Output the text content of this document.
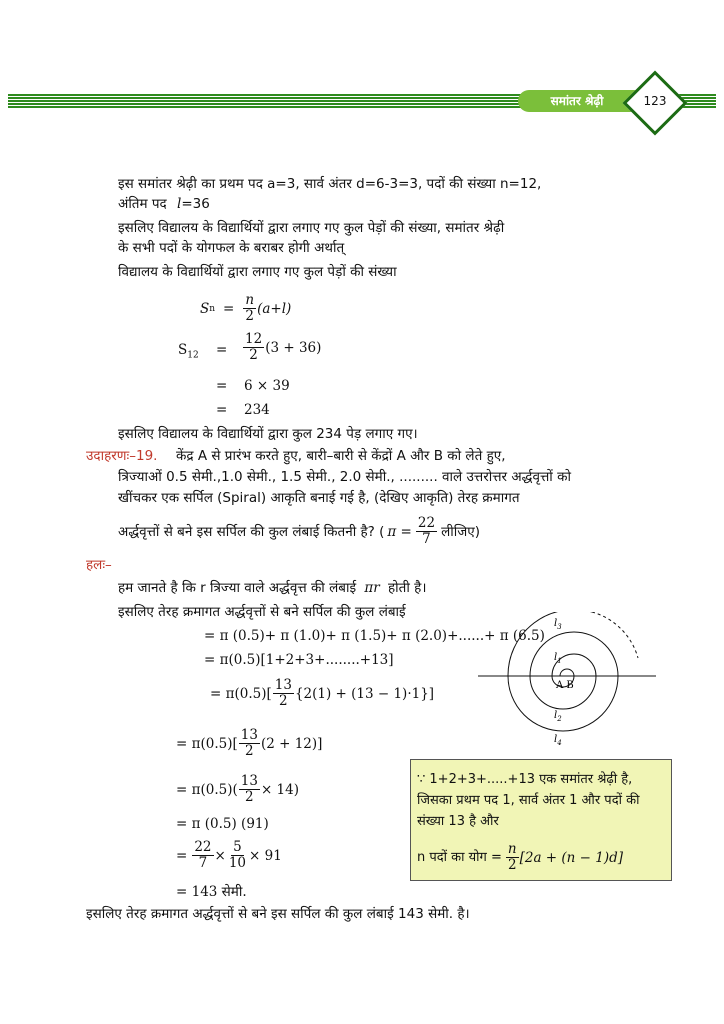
समांतर श्रेढ़ी	123
इस समांतर श्रेढ़ी का प्रथम पद a=3, सार्व अंतर d=6-3=3, पदों की संख्या n=12,
अंतिम पद l=36
इसलिए विद्यालय के विद्यार्थियों द्वारा लगाए गए कुल पेड़ों की संख्या, समांतर श्रेढ़ी
के सभी पदों के योगफल के बराबर होगी अर्थात्
विद्यालय के विद्यार्थियों द्वारा लगाए गए कुल पेड़ों की संख्या
S $n = \frac{n}{2} (a+l)$
$S_{12} = \frac{12}{2} (3 + 36)$
= 6 × 39
= 234
इसलिए विद्यालय के विद्यार्थियों द्वारा कुल 234 पेड़ लगाए गए।
उदाहरणः–19. केंद्र A से प्रारंभ करते हुए, बारी–बारी से केंद्रों A और B को लेते हुए,
त्रिज्याओं 0.5 सेमी.,1.0 सेमी., 1.5 सेमी., 2.0 सेमी., ......... वाले उत्तरोत्तर अर्द्धवृत्तों को
खींचकर एक सर्पिल (Spiral) आकृति बनाई गई है, (देखिए आकृति) तेरह क्रमागत
अर्द्धवृत्तों से बने इस सर्पिल की कुल लंबाई कितनी है? ( $\pi = \frac{22}{7}$ लीजिए)
हलः–
हम जानते है कि r त्रिज्या वाले अर्द्धवृत्त की लंबाई πr होती है।
इसलिए तेरह क्रमागत अर्द्धवृत्तों से बने सर्पिल की कुल लंबाई
= π (0.5)+ π (1.0)+ π (1.5)+ π (2.0)+......+ π (6.5)
= π(0.5)[1+2+3+........+13]
= $\pi(0.5)[ \frac{13}{2} \{2(1) + (13 - 1)\cdot 1\}]$
= $\pi(0.5)[ \frac{13}{2} (2 + 12)]$
= $\pi(0.5)( \frac{13}{2} \times 14)$
= π (0.5) (91)
= $\frac{22}{7} \times \frac{5}{10} \times 91$
= 143 सेमी.
इसलिए तेरह क्रमागत अर्द्धवृत्तों से बने इस सर्पिल की कुल लंबाई 143 सेमी. है।
∵ 1+2+3+.....+13 एक समांतर श्रेढ़ी है,
जिसका प्रथम पद 1, सार्व अंतर 1 और पदों की
संख्या 13 है और
n पदों का योग = $\frac{n}{2} [2a + (n - 1)d]$
$l_1$
$l_2$
$l_3$
$l_4$
A B
